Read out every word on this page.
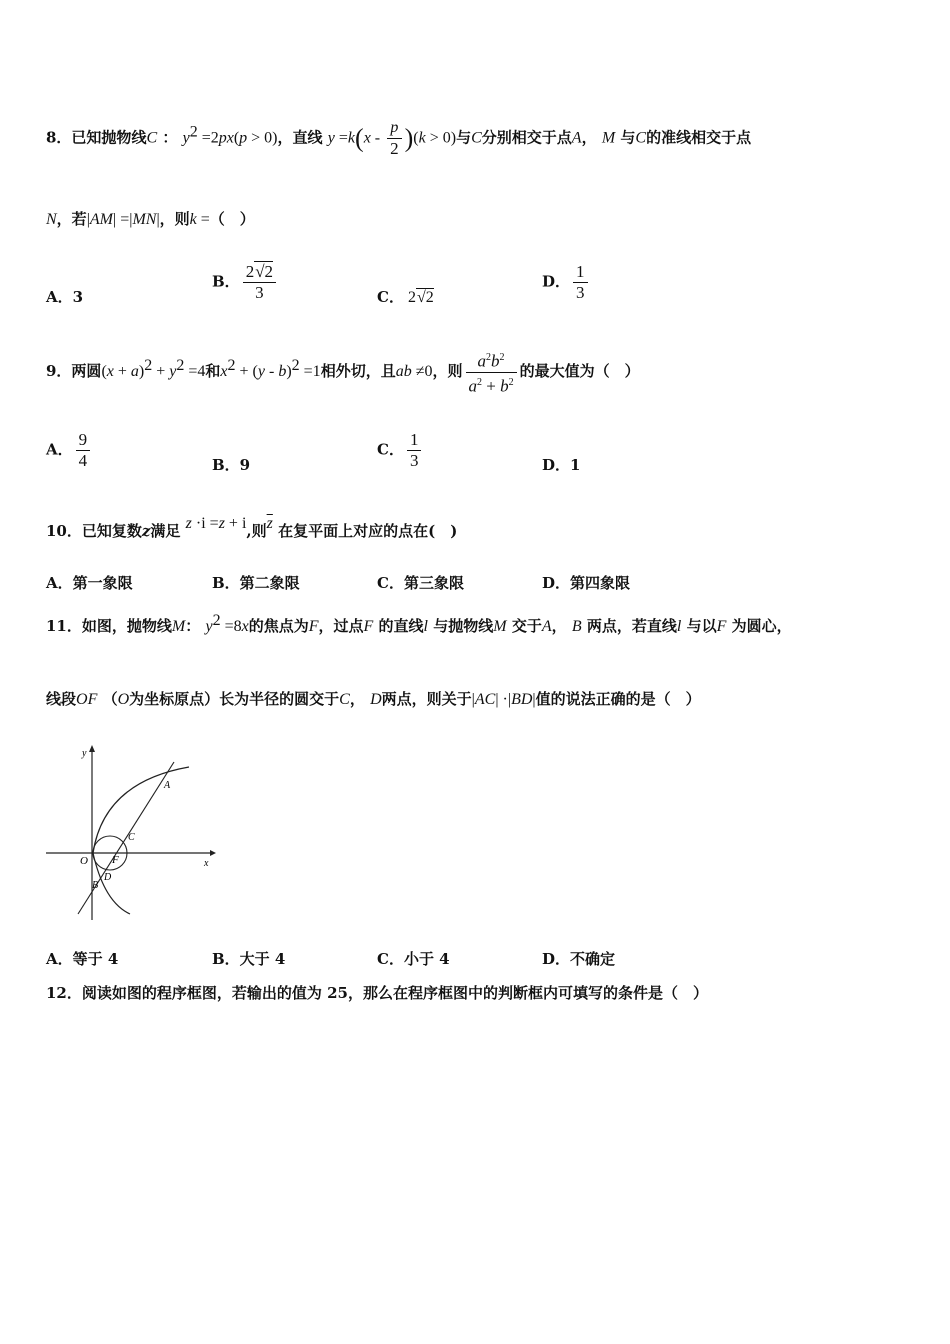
8．已知抛物线C ： $y^2 =2px(p > 0)$，直线 $y =k(x - \frac{p}{2} )(k > 0)$与C分别相交于点A， M 与C的准线相交于点
N，若|AM| =|MN|，则k =（　）
A．3
B． $\frac{2√2}{3}$	C． 2√2
D． $\frac{1}{3}$
9．两圆$(x + a)^2 + y^2 =4$和$x^2 + (y - b)^2 =1$相外切，且ab ≠0，则 $\frac{a^2b^2}{a^2 + b^2}$ 的最大值为（　）
A． $\frac{9}{4}$	B．9
C． $\frac{1}{3}$	D．1
10．已知复数z满足 z ·i =z + i,则$\overline{z}$ 在复平面上对应的点在(　)
A．第一象限	B．第二象限	C．第三象限	D．第四象限
11．如图，抛物线M： $y^2 =8x$的焦点为F，过点F 的直线l 与抛物线M 交于A， B 两点，若直线l 与以F 为圆心，
线段OF （O为坐标原点）长为半径的圆交于C， D两点，则关于|AC| ·|BD|值的说法正确的是（　）
y
x
O F
A
C
D
B
A．等于 4	B．大于 4	C．小于 4	D．不确定
12．阅读如图的程序框图，若输出的值为 25，那么在程序框图中的判断框内可填写的条件是（　）
